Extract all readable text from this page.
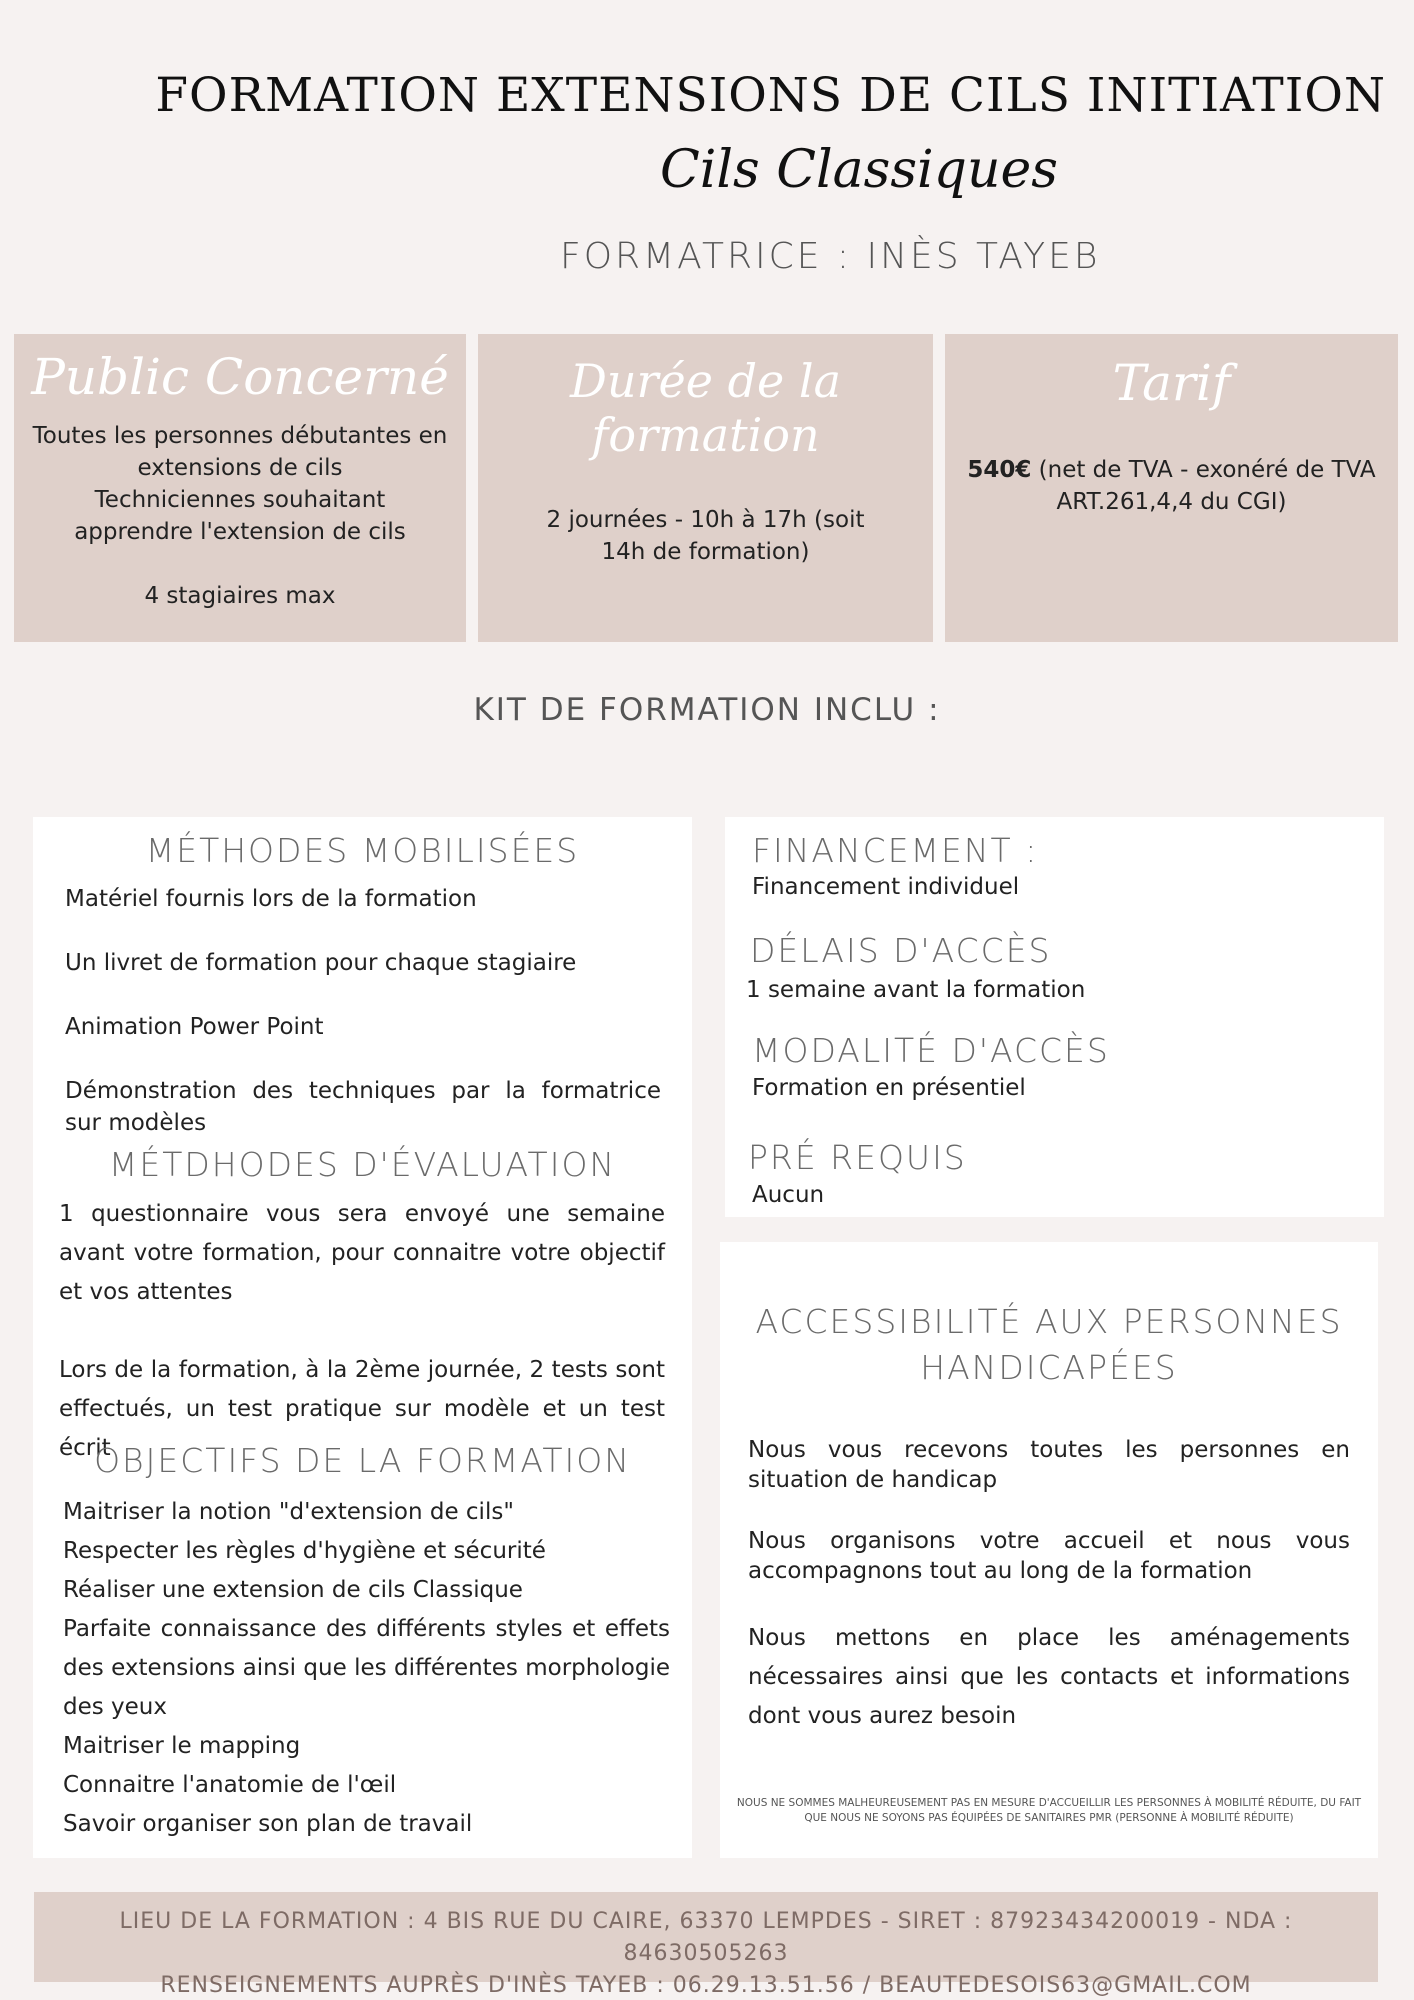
FORMATION EXTENSIONS DE CILS INITIATION
Cils Classiques
FORMATRICE : INÈS TAYEB
Public Concerné
Toutes les personnes débutantes en extensions de cils
Techniciennes souhaitant apprendre l'extension de cils
4 stagiaires max
Durée de la formation
2 journées - 10h à 17h (soit 14h de formation)
Tarif
540€ (net de TVA - exonéré de TVA ART.261,4,4 du CGI)
KIT DE FORMATION INCLU :
MÉTHODES MOBILISÉES
Matériel fournis lors de la formation
Un livret de formation pour chaque stagiaire
Animation Power Point
Démonstration des techniques par la formatrice sur modèles
MÉTDHODES D'ÉVALUATION
1 questionnaire vous sera envoyé une semaine avant votre formation, pour connaitre votre objectif et vos attentes
Lors de la formation, à la 2ème journée, 2 tests sont effectués, un test pratique sur modèle et un test écrit
OBJECTIFS DE LA FORMATION
Maitriser la notion "d'extension de cils"
Respecter les règles d'hygiène et sécurité
Réaliser une extension de cils Classique
Parfaite connaissance des différents styles et effets des extensions ainsi que les différentes morphologie des yeux
Maitriser le mapping
Connaitre l'anatomie de l'œil
Savoir organiser son plan de travail
FINANCEMENT :
Financement individuel
DÉLAIS D'ACCÈS
1 semaine avant la formation
MODALITÉ D'ACCÈS
Formation en présentiel
PRÉ REQUIS
Aucun
ACCESSIBILITÉ AUX PERSONNES
HANDICAPÉES
Nous vous recevons toutes les personnes en situation de handicap
Nous organisons votre accueil et nous vous accompagnons tout au long de la formation
Nous mettons en place les aménagements nécessaires ainsi que les contacts et informations dont vous aurez besoin
NOUS NE SOMMES MALHEUREUSEMENT PAS EN MESURE D'ACCUEILLIR LES PERSONNES À MOBILITÉ RÉDUITE, DU FAIT QUE NOUS NE SOYONS PAS ÉQUIPÉES DE SANITAIRES PMR (PERSONNE À MOBILITÉ RÉDUITE)
LIEU DE LA FORMATION : 4 BIS RUE DU CAIRE, 63370 LEMPDES - SIRET : 87923434200019 - NDA : 84630505263
RENSEIGNEMENTS AUPRÈS D'INÈS TAYEB : 06.29.13.51.56 / BEAUTEDESOIS63@GMAIL.COM
